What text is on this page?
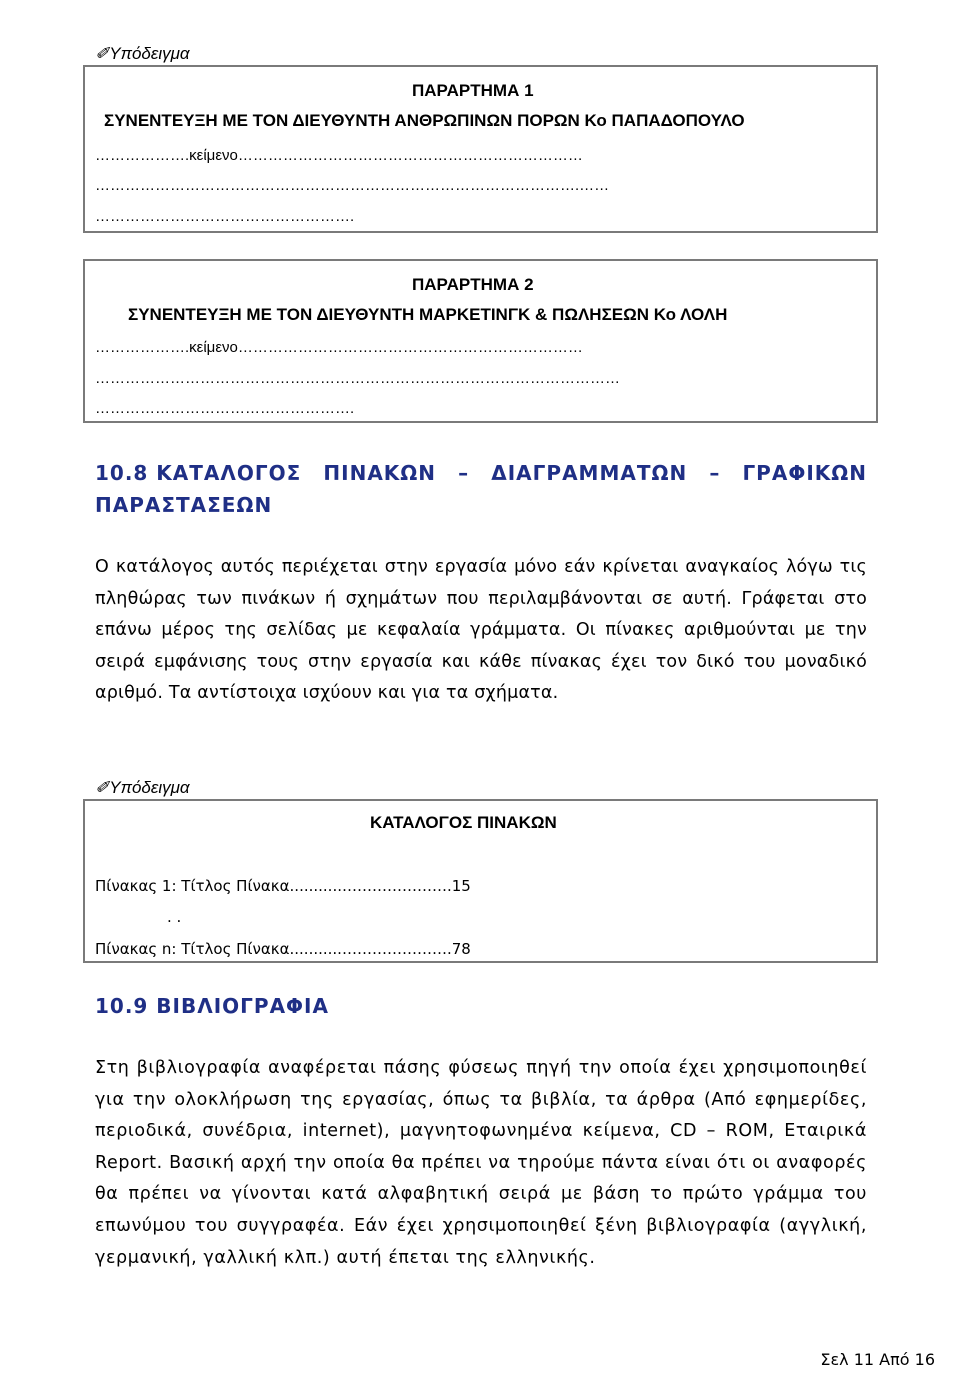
✐Υπόδειγμα
ΠΑΡΑΡΤΗΜΑ 1
ΣΥΝΕΝΤΕΥΞΗ ΜΕ ΤΟΝ ΔΙΕΥΘΥΝΤΗ ΑΝΘΡΩΠΙΝΩΝ ΠΟΡΩΝ Κο ΠΑΠΑΔΟΠΟΥΛΟ
……………….κείμενο……………………………………………………………
…………………………………………………………………………………….……
…………………………………………….
ΠΑΡΑΡΤΗΜΑ 2
ΣΥΝΕΝΤΕΥΞΗ ΜΕ ΤΟΝ ΔΙΕΥΘΥΝΤΗ ΜΑΡΚΕΤΙΝΓΚ & ΠΩΛΗΣΕΩΝ Κο ΛΟΛΗ
……………….κείμενο……………………………………………………………
……………………………………………………………………………………………
…………………………………………….
10.8 ΚΑΤΑΛΟΓΟΣ ΠΙΝΑΚΩΝ – ΔΙΑΓΡΑΜΜΑΤΩΝ – ΓΡΑΦΙΚΩΝ
ΠΑΡΑΣΤΑΣΕΩΝ
Ο κατάλογος αυτός περιέχεται στην εργασία μόνο εάν κρίνεται αναγκαίος λόγω τις πληθώρας των πινάκων ή σχημάτων που περιλαμβάνονται σε αυτή. Γράφεται στο επάνω μέρος της σελίδας με κεφαλαία γράμματα. Οι πίνακες αριθμούνται με την σειρά εμφάνισης τους στην εργασία και κάθε πίνακας έχει τον δικό του μοναδικό αριθμό. Τα αντίστοιχα ισχύουν και για τα σχήματα.
✐Υπόδειγμα
ΚΑΤΑΛΟΓΟΣ ΠΙΝΑΚΩΝ
Πίνακας 1: Τίτλος Πίνακα...........………………….15
. .
Πίνακας n: Τίτλος Πίνακα...........………………….78
10.9 ΒΙΒΛΙΟΓΡΑΦΙΑ
Στη βιβλιογραφία αναφέρεται πάσης φύσεως πηγή την οποία έχει χρησιμοποιηθεί για την ολοκλήρωση της εργασίας, όπως τα βιβλία, τα άρθρα (Από εφημερίδες, περιοδικά, συνέδρια, internet), μαγνητοφωνημένα κείμενα, CD – ROM, Εταιρικά Report. Βασική αρχή την οποία θα πρέπει να τηρούμε πάντα είναι ότι οι αναφορές θα πρέπει να γίνονται κατά αλφαβητική σειρά με βάση το πρώτο γράμμα του επωνύμου του συγγραφέα. Εάν έχει χρησιμοποιηθεί ξένη βιβλιογραφία (αγγλική, γερμανική, γαλλική κλπ.) αυτή έπεται της ελληνικής.
Σελ 11 Από 16
